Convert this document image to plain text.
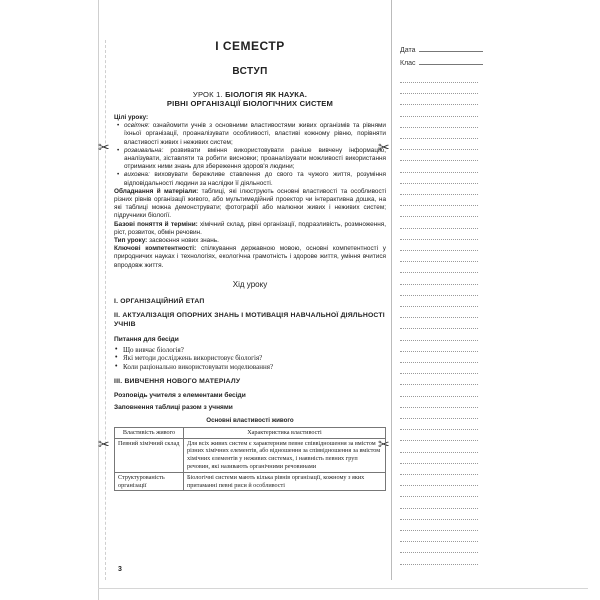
✂
✂
✂
✂
Дата
Клас
I СЕМЕСТР
ВСТУП

УРОК 1. БІОЛОГІЯ ЯК НАУКА.

РІВНІ ОРГАНІЗАЦІЇ БІОЛОГІЧНИХ СИСТЕМ

Цілі уроку:

• освітня: ознайомити учнів з основними властивостями живих організмів та рівнями їхньої організації, проаналізувати особливості, властиві кожному рівню, порівняти властивості живих і неживих систем;
• розвивальна: розвивати вміння використовувати раніше вивчену інформацію, аналізувати, зіставляти та робити висновки; проаналізувати можливості використання отриманих ними знань для збереження здоров'я людини;
• виховна: виховувати бережливе ставлення до свого та чужого життя, розуміння відповідальності людини за наслідки її діяльності.

Обладнання й матеріали: таблиці, які ілюструють основні властивості та особливості різних рівнів організації живого, або мультимедійний проектор чи інтерактивна дошка, на які таблиці можна демонструвати; фотографії або малюнки живих і неживих систем; підручники біології.

Базові поняття й терміни: хімічний склад, рівні організації, подразливість, розмноження, ріст, розвиток, обмін речовин.

Тип уроку: засвоєння нових знань.

Ключові компетентності: спілкування державною мовою, основні компетентності у природничих науках і технологіях, екологічна грамотність і здорове життя, уміння вчитися впродовж життя.

Хід уроку

I. ОРГАНІЗАЦІЙНИЙ ЕТАП

II. АКТУАЛІЗАЦІЯ ОПОРНИХ ЗНАНЬ І МОТИВАЦІЯ НАВЧАЛЬНОЇ ДІЯЛЬНОСТІ УЧНІВ

Питання для бесіди

• Що вивчає біологія?
• Які методи досліджень використовує біологія?
• Коли раціонально використовувати моделювання?

III. ВИВЧЕННЯ НОВОГО МАТЕРІАЛУ

Розповідь учителя з елементами бесіди

Заповнення таблиці разом з учнями

Основні властивості живого

Властивість живого	Характеристика властивості
Певний хімічний склад	Для всіх живих систем є характерним певне співвідношення за вмістом різних хімічних елементів, або відношення за співвідношення за вмістом хімічних елементів у неживих системах, і наявність певних груп речовин, які називають органічними речовинами
Структурованість організації	Біологічні системи мають кілька рівнів організації, кожному з яких притаманні певні риси й особливості
3
